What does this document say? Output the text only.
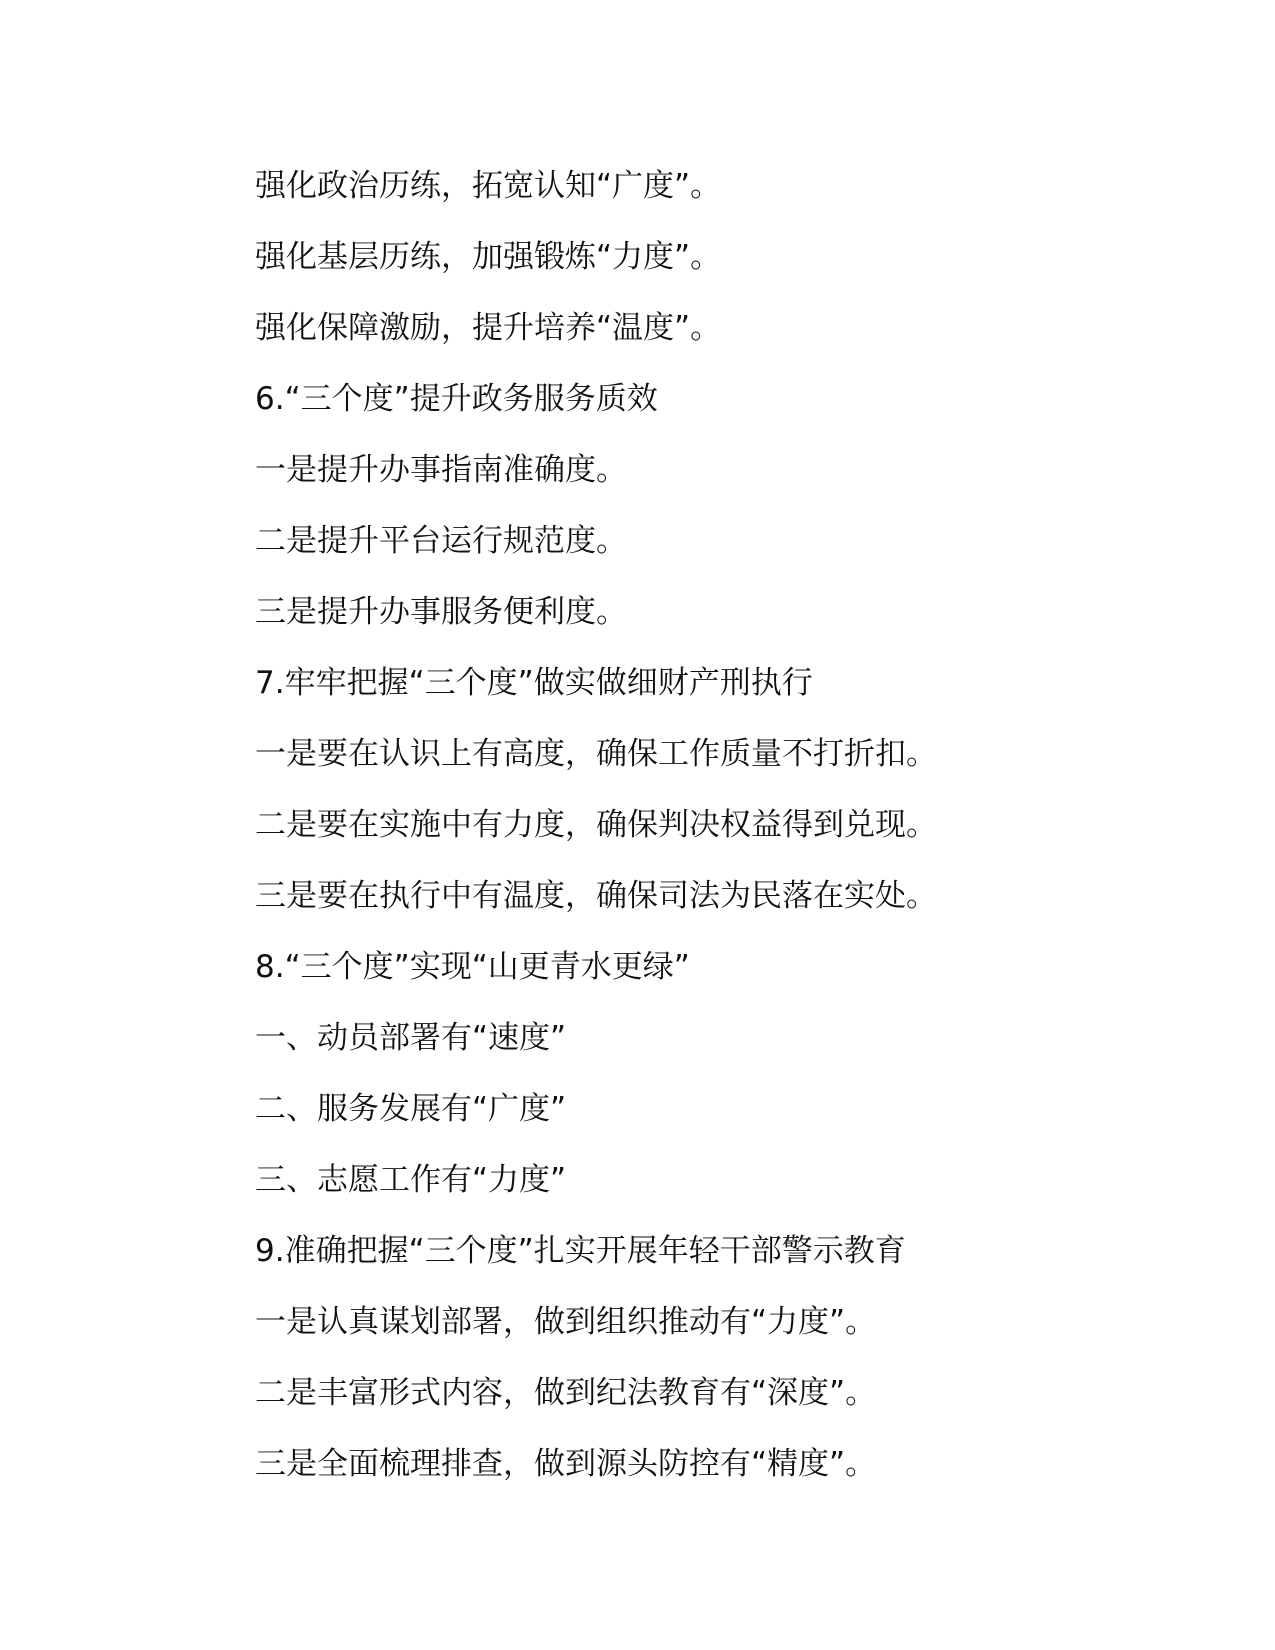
强化政治历练，拓宽认知“广度”。
强化基层历练，加强锻炼“力度”。
强化保障激励，提升培养“温度”。
6.“三个度”提升政务服务质效
一是提升办事指南准确度。
二是提升平台运行规范度。
三是提升办事服务便利度。
7.牢牢把握“三个度”做实做细财产刑执行
一是要在认识上有高度，确保工作质量不打折扣。
二是要在实施中有力度，确保判决权益得到兑现。
三是要在执行中有温度，确保司法为民落在实处。
8.“三个度”实现“山更青水更绿”
一、动员部署有“速度”
二、服务发展有“广度”
三、志愿工作有“力度”
9.准确把握“三个度”扎实开展年轻干部警示教育
一是认真谋划部署，做到组织推动有“力度”。
二是丰富形式内容，做到纪法教育有“深度”。
三是全面梳理排查，做到源头防控有“精度”。
